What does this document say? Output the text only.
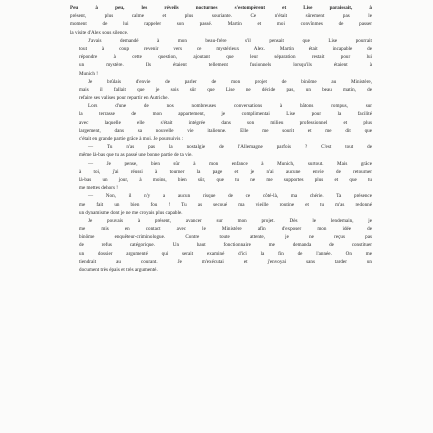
Peu à peu, les réveils nocturnes s'estompèrent et Lise paraissait, à
présent, plus calme et plus souriante. Ce n'était sûrement pas le
moment de lui rappeler son passé. Martin et moi convînmes de passer
la visite d'Alex sous silence.
J'avais demandé à mon beau-frère s'il pensait que Lise pourrait
tout à coup revenir vers ce mystérieux Alex. Martin était incapable de
répondre à cette question, ajoutant que leur séparation restait pour lui
un mystère. Ils étaient tellement fusionnels lorsqu'ils étaient à
Munich !
Je brûlais d'envie de parler de mon projet de binôme au Ministère,
mais il fallait que je sois sûr que Lise ne décide pas, un beau matin, de
refaire ses valises pour repartir en Autriche.
Lors d'une de nos nombreuses conversations à bâtons rompus, sur
la terrasse de mon appartement, je complimentai Lise pour la facilité
avec laquelle elle s'était intégrée dans son milieu professionnel et plus
largement, dans sa nouvelle vie italienne. Elle me sourit et me dit que
c'était en grande partie grâce à moi. Je poursuivis :
— Tu n'as pas la nostalgie de l'Allemagne parfois ? C'est tout de
même là-bas que tu as passé une bonne partie de ta vie.
— Je pense, bien sûr à mon enfance à Munich, surtout. Mais grâce
à toi, j'ai réussi à tourner la page et je n'ai aucune envie de retourner
là-bas un jour, à moins, bien sûr, que tu ne me supportes plus et que tu
me mettes dehors !
— Non, il n'y a aucun risque de ce côté-là, ma chérie. Ta présence
me fait un bien fou ! Tu as secoué ma vieille routine et tu m'as redonné
un dynamisme dont je ne me croyais plus capable.
Je pouvais à présent, avancer sur mon projet. Dès le lendemain, je
me mis en contact avec le Ministère afin d'exposer mon idée de
binôme enquêteur-criminologue. Contre toute attente, je ne reçus pas
de refus catégorique. Un haut fonctionnaire me demanda de constituer
un dossier argumenté qui serait examiné d'ici la fin de l'année. On me
tiendrait au courant. Je m'exécutai et j'envoyai sans tarder un
document très épais et très argumenté.
